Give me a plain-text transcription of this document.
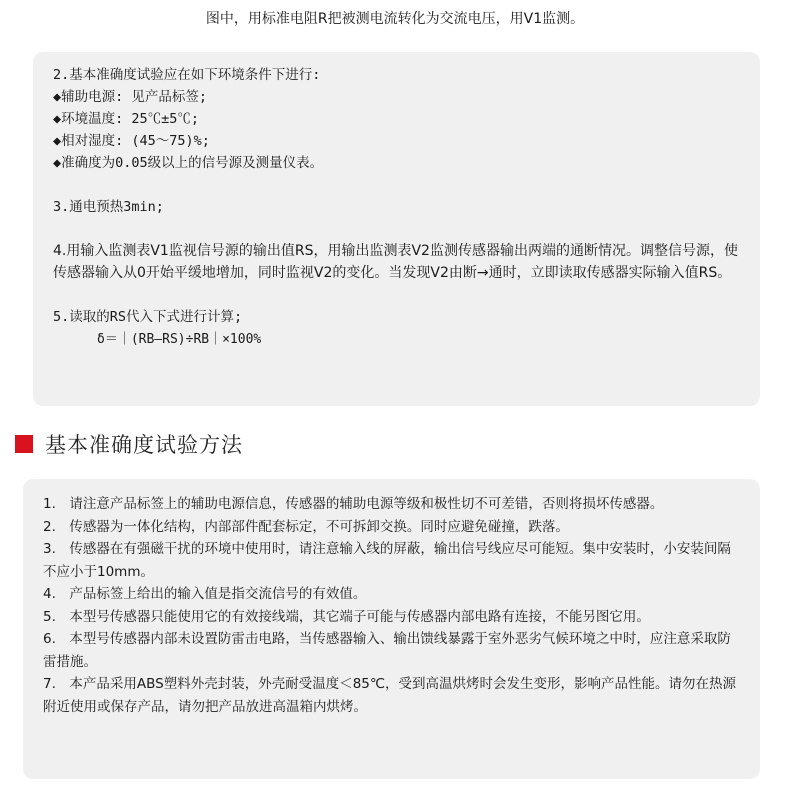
图中，用标准电阻R把被测电流转化为交流电压，用V1监测。
2.基本准确度试验应在如下环境条件下进行:
◆辅助电源: 见产品标签;
◆环境温度: 25℃±5℃;
◆相对湿度: (45～75)%;
◆准确度为0.05级以上的信号源及测量仪表。
3.通电预热3min;
4.用输入监测表V1监视信号源的输出值RS，用输出监测表V2监测传感器输出两端的通断情况。调整信号源，使传感器输入从0开始平缓地增加，同时监视V2的变化。当发现V2由断→通时，立即读取传感器实际输入值RS。
5.读取的RS代入下式进行计算;
δ＝｜(RB—RS)÷RB｜×100%
基本准确度试验方法
1.　请注意产品标签上的辅助电源信息，传感器的辅助电源等级和极性切不可差错，否则将损坏传感器。
2.　传感器为一体化结构，内部部件配套标定，不可拆卸交换。同时应避免碰撞，跌落。
3.　传感器在有强磁干扰的环境中使用时，请注意输入线的屏蔽，输出信号线应尽可能短。集中安装时，小安装间隔不应小于10mm。
4.　产品标签上给出的输入值是指交流信号的有效值。
5.　本型号传感器只能使用它的有效接线端，其它端子可能与传感器内部电路有连接，不能另图它用。
6.　本型号传感器内部未设置防雷击电路，当传感器输入、输出馈线暴露于室外恶劣气候环境之中时，应注意采取防雷措施。
7.　本产品采用ABS塑料外壳封装，外壳耐受温度＜85℃，受到高温烘烤时会发生变形，影响产品性能。请勿在热源附近使用或保存产品，请勿把产品放进高温箱内烘烤。
